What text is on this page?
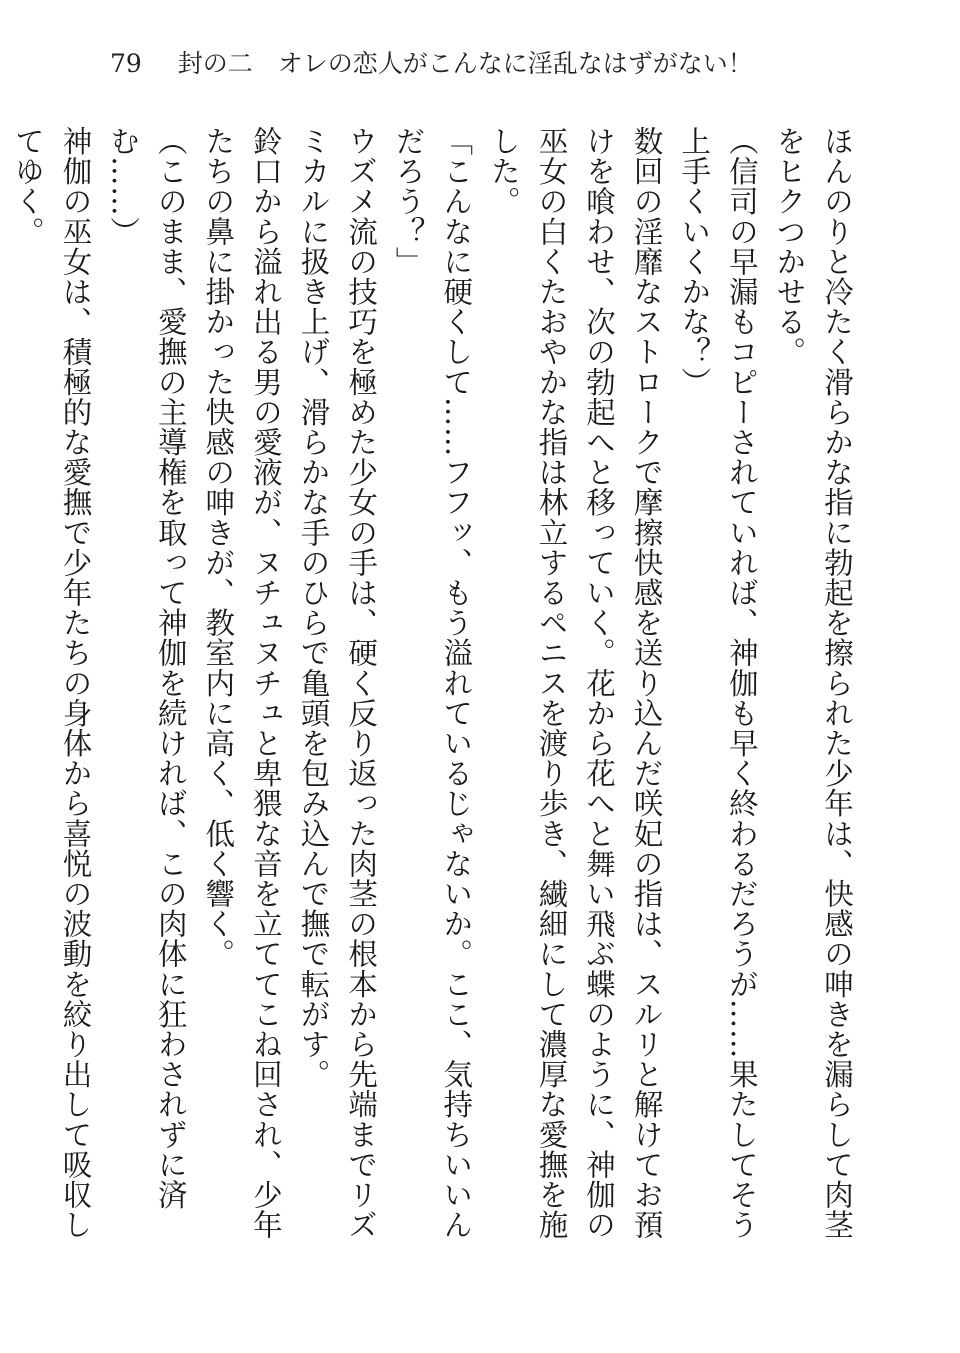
79 封の二　オレの恋人がこんなに淫乱なはずがない！

ほんのりと冷たく滑らかな指に勃起を擦られた少年は、快感の呻きを漏らして肉茎をヒクつかせる。

（信司の早漏もコピーされていれば、神伽も早く終わるだろうが……果たしてそう上手くいくかな？）

数回の淫靡なストロークで摩擦快感を送り込んだ咲妃の指は、スルリと解けてお預けを喰わせ、次の勃起へと移っていく。花から花へと舞い飛ぶ蝶のように、神伽の巫女の白くたおやかな指は林立するペニスを渡り歩き、繊細にして濃厚な愛撫を施した。

「こんなに硬くして……フフッ、もう溢れているじゃないか。ここ、気持ちいいんだろう？」

ウズメ流の技巧を極めた少女の手は、硬く反り返った肉茎の根本から先端までリズミカルに扱き上げ、滑らかな手のひらで亀頭を包み込んで撫で転がす。

鈴口から溢れ出る男の愛液が、ヌチュヌチュと卑猥な音を立ててこね回され、少年たちの鼻に掛かった快感の呻きが、教室内に高く、低く響く。

（このまま、愛撫の主導権を取って神伽を続ければ、この肉体に狂わされずに済む……）

神伽の巫女は、積極的な愛撫で少年たちの身体から喜悦の波動を絞り出して吸収してゆく。
